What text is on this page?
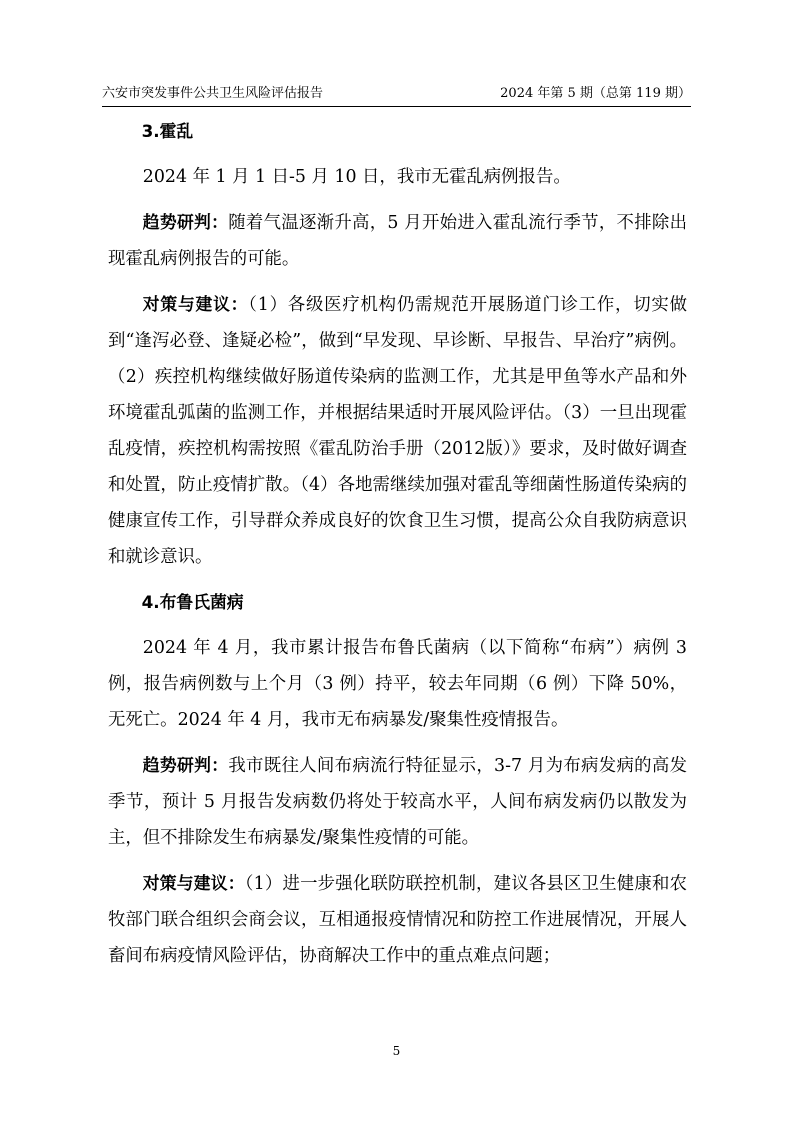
六安市突发事件公共卫生风险评估报告	2024 年第 5 期（总第 119 期）

3.霍乱

2024 年 1 月 1 日-5 月 10 日，我市无霍乱病例报告。

趋势研判：随着气温逐渐升高，5 月开始进入霍乱流行季节，不排除出现霍乱病例报告的可能。

对策与建议：（1）各级医疗机构仍需规范开展肠道门诊工作，切实做到“逢泻必登、逢疑必检”，做到“早发现、早诊断、早报告、早治疗”病例。（2）疾控机构继续做好肠道传染病的监测工作，尤其是甲鱼等水产品和外环境霍乱弧菌的监测工作，并根据结果适时开展风险评估。（3）一旦出现霍乱疫情，疾控机构需按照《霍乱防治手册（2012版）》要求，及时做好调查和处置，防止疫情扩散。（4）各地需继续加强对霍乱等细菌性肠道传染病的健康宣传工作，引导群众养成良好的饮食卫生习惯，提高公众自我防病意识和就诊意识。

4.布鲁氏菌病

2024 年 4 月，我市累计报告布鲁氏菌病（以下简称“布病”）病例 3 例，报告病例数与上个月（3 例）持平，较去年同期（6 例）下降 50%，无死亡。2024 年 4 月，我市无布病暴发/聚集性疫情报告。

趋势研判：我市既往人间布病流行特征显示，3-7 月为布病发病的高发季节，预计 5 月报告发病数仍将处于较高水平，人间布病发病仍以散发为主，但不排除发生布病暴发/聚集性疫情的可能。

对策与建议：（1）进一步强化联防联控机制，建议各县区卫生健康和农牧部门联合组织会商会议，互相通报疫情情况和防控工作进展情况，开展人畜间布病疫情风险评估，协商解决工作中的重点难点问题；

5
